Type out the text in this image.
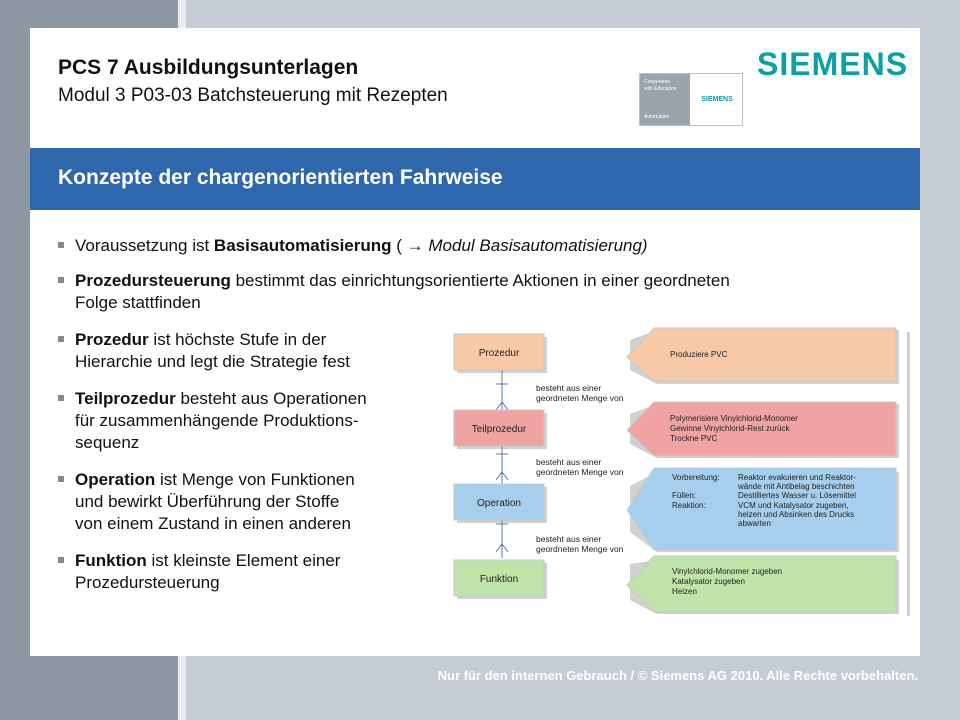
PCS 7 Ausbildungsunterlagen
Modul 3 P03-03 Batchsteuerung mit Rezepten
Cooperates
with Education
Automation
SIEMENS
SIEMENS
Konzepte der chargenorientierten Fahrweise
Voraussetzung ist Basisautomatisierung ( → Modul Basisautomatisierung)
Prozedursteuerung bestimmt das einrichtungsorientierte Aktionen in einer geordneten
Folge stattfinden
Prozedur ist höchste Stufe in der
Hierarchie und legt die Strategie fest
Teilprozedur besteht aus Operationen
für zusammenhängende Produktions-
sequenz
Operation ist Menge von Funktionen
und bewirkt Überführung der Stoffe
von einem Zustand in einen anderen
Funktion ist kleinste Element einer
Prozedursteuerung
Prozedur
Teilprozedur
Operation
Funktion
besteht aus einer
geordneten Menge von
besteht aus einer
geordneten Menge von
besteht aus einer
geordneten Menge von
Produziere PVC
Polymerisiere Vinylchlorid-Monomer
Gewinne Vinylchlorid-Rest zurück
Trockne PVC
Vorbereitung:
Füllen:
Reaktion:
Reaktor evakuieren und Reaktor-
wände mit Antibelag beschichten
Destilliertes Wasser u. Lösemittel
VCM und Katalysator zugeben,
heizen und Absinken des Drucks
abwarten
Vinylchlorid-Monomer zugeben
Katalysator zugeben
Heizen
Nur für den internen Gebrauch / © Siemens AG 2010. Alle Rechte vorbehalten.
